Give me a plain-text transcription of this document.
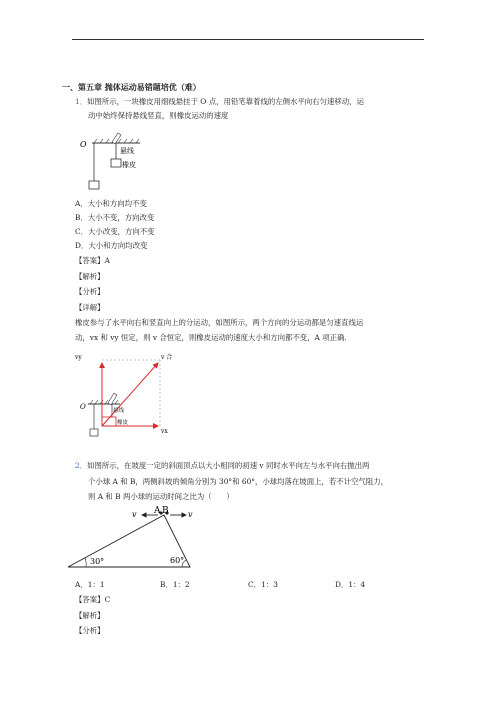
一、第五章 抛体运动易错题培优（难）
1．如图所示，一块橡皮用细线悬挂于 O 点，用铅笔靠着线的左侧水平向右匀速移动，运
动中始终保持悬线竖直，则橡皮运动的速度
O
悬线
橡皮
A．大小和方向均不变
B．大小不变，方向改变
C．大小改变，方向不变
D．大小和方向均改变
【答案】A
【解析】
【分析】
【详解】
橡皮参与了水平向右和竖直向上的分运动，如图所示，两个方向的分运动都是匀速直线运
动，vx 和 vy 恒定，则 v 合恒定，则橡皮运动的速度大小和方向都不变，A 项正确.
O
vy	v 合
悬线
橡皮
vx
2．如图所示，在坡度一定的斜面顶点以大小相同的初速 v 同时水平向左与水平向右抛出两
个小球 A 和 B，两侧斜坡的倾角分别为 30°和 60°，小球均落在坡面上，若不计空气阻力，
则 A 和 B 两小球的运动时间之比为（　　）
v A B v
30°	60°
A．1：1	B．1：2	C．1：3	D．1：4
【答案】C
【解析】
【分析】
